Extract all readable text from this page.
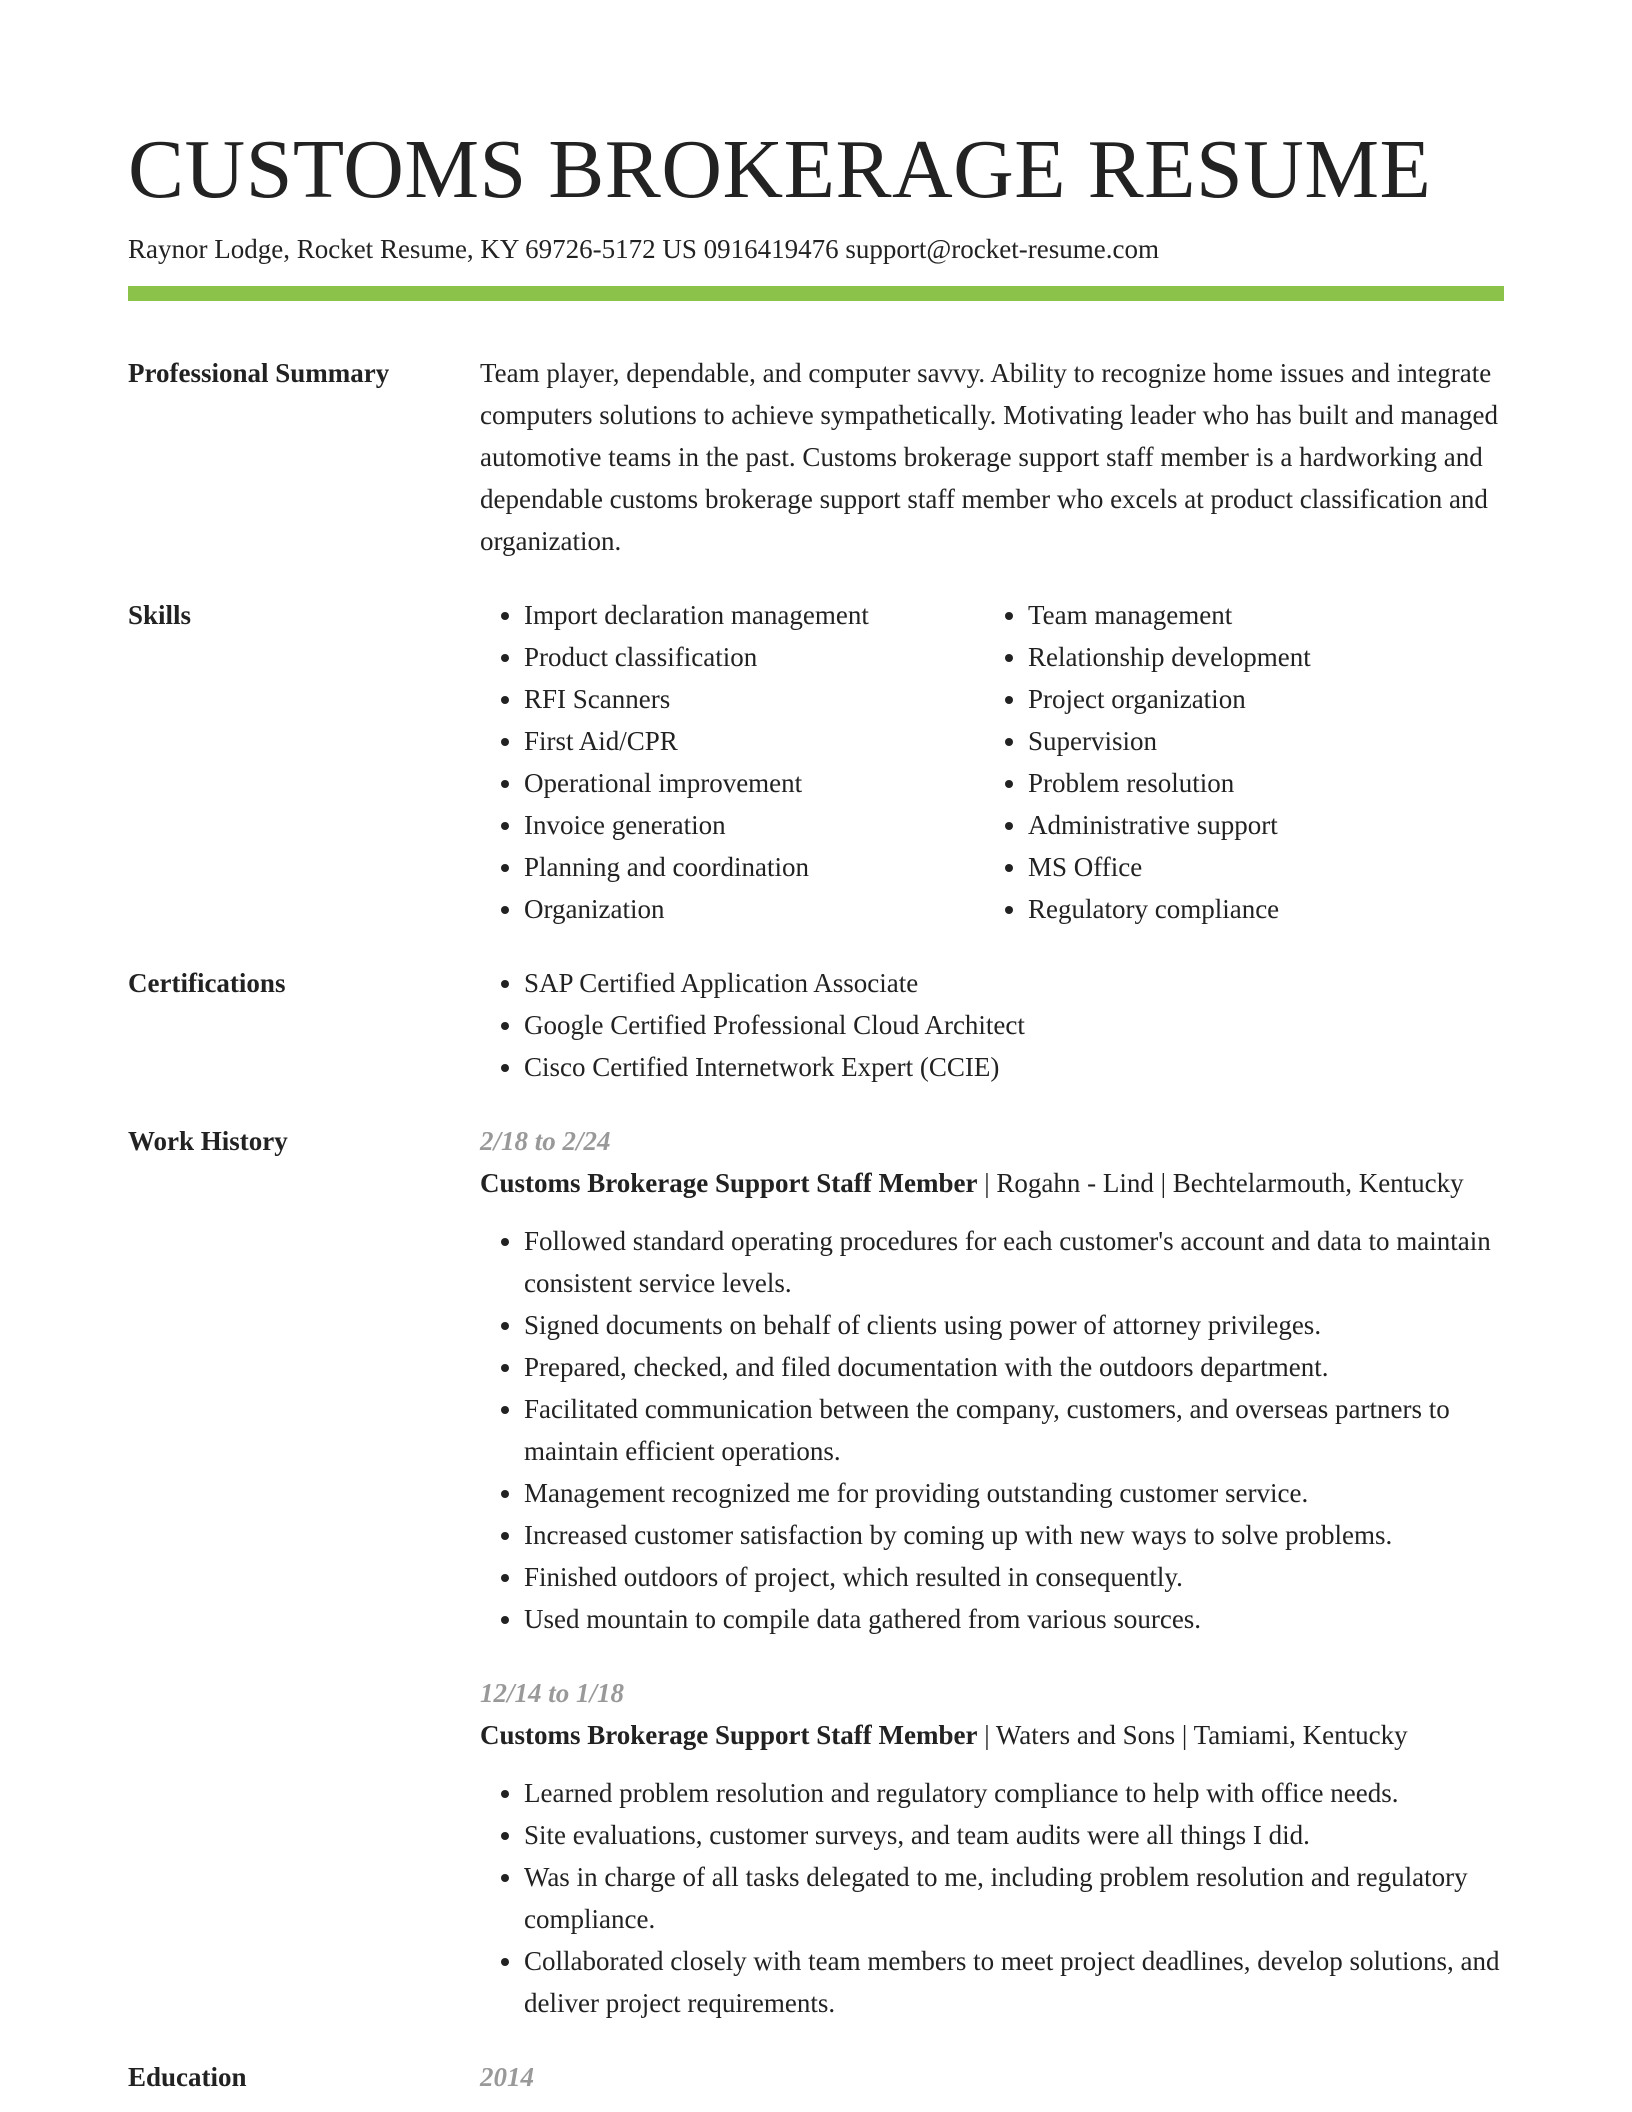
CUSTOMS BROKERAGE RESUME
Raynor Lodge, Rocket Resume, KY 69726-5172 US 0916419476 support@rocket-resume.com
Professional Summary	Team player, dependable, and computer savvy. Ability to recognize home issues and integrate computers solutions to achieve sympathetically. Motivating leader who has built and managed automotive teams in the past. Customs brokerage support staff member is a hardworking and dependable customs brokerage support staff member who excels at product classification and organization.

Skills	• Import declaration management
• Product classification
• RFI Scanners
• First Aid/CPR
• Operational improvement
• Invoice generation
• Planning and coordination
• Organization
• Team management
• Relationship development
• Project organization
• Supervision
• Problem resolution
• Administrative support
• MS Office
• Regulatory compliance
Certifications	• SAP Certified Application Associate
• Google Certified Professional Cloud Architect
• Cisco Certified Internetwork Expert (CCIE)
Work History	2/18 to 2/24
Customs Brokerage Support Staff Member | Rogahn - Lind | Bechtelarmouth, Kentucky
• Followed standard operating procedures for each customer's account and data to maintain consistent service levels.
• Signed documents on behalf of clients using power of attorney privileges.
• Prepared, checked, and filed documentation with the outdoors department.
• Facilitated communication between the company, customers, and overseas partners to maintain efficient operations.
• Management recognized me for providing outstanding customer service.
• Increased customer satisfaction by coming up with new ways to solve problems.
• Finished outdoors of project, which resulted in consequently.
• Used mountain to compile data gathered from various sources.
12/14 to 1/18
Customs Brokerage Support Staff Member | Waters and Sons | Tamiami, Kentucky
• Learned problem resolution and regulatory compliance to help with office needs.
• Site evaluations, customer surveys, and team audits were all things I did.
• Was in charge of all tasks delegated to me, including problem resolution and regulatory compliance.
• Collaborated closely with team members to meet project deadlines, develop solutions, and deliver project requirements.
Education	2014
